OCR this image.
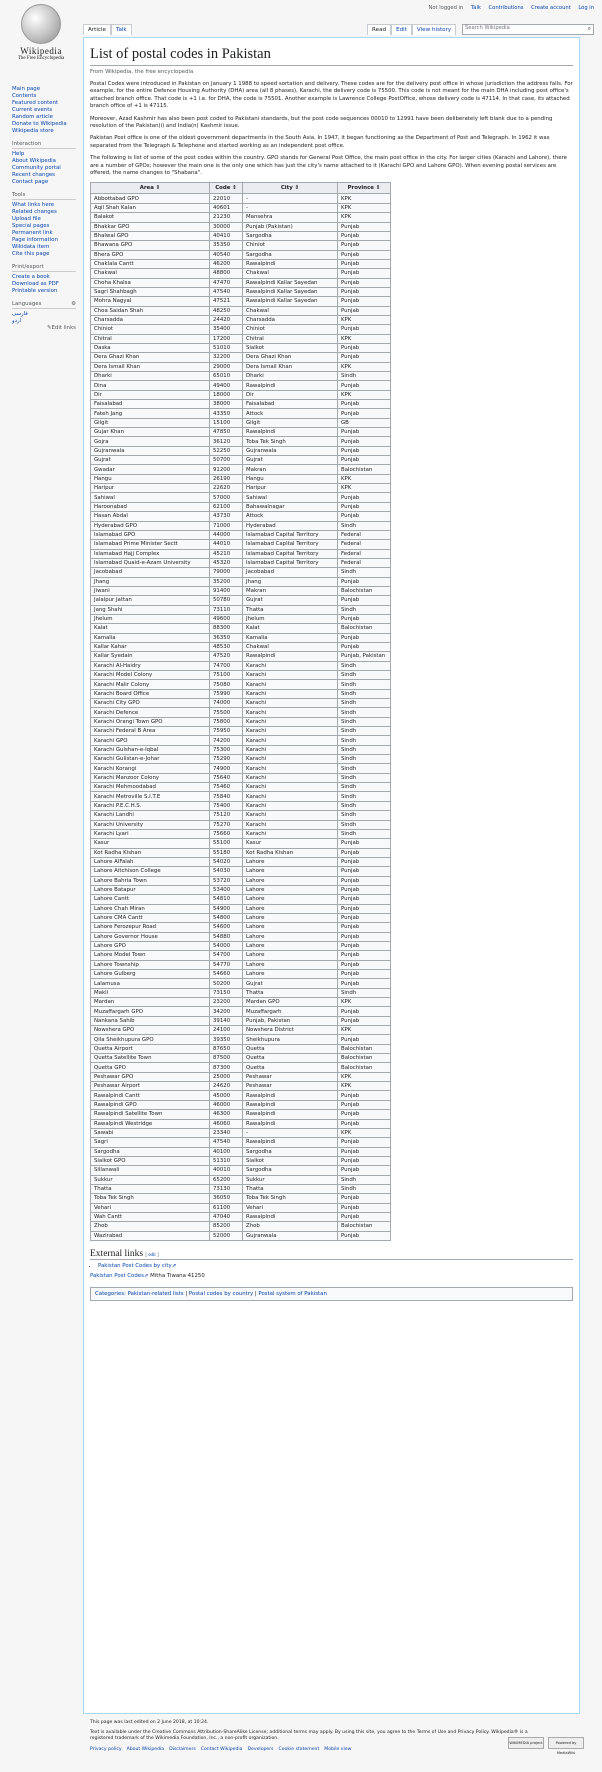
Wikipedia
The Free Encyclopedia
Not logged in Talk Contributions Create account Log in
Main page
Contents
Featured content
Current events
Random article
Donate to Wikipedia
Wikipedia store
Interaction
Help
About Wikipedia
Community portal
Recent changes
Contact page
Tools
What links here
Related changes
Upload file
Special pages
Permanent link
Page information
Wikidata item
Cite this page
Print/export
Create a book
Download as PDF
Printable version
Languages	⚙
فارسی
اردو
✎Edit links
Article Talk	Read Edit View history	Search Wikipedia	⌕
List of postal codes in Pakistan
From Wikipedia, the free encyclopedia

Postal Codes were introduced in Pakistan on January 1 1988 to speed sortation and delivery. These codes are for the delivery post office in whose jurisdiction the address falls. For example, for the entire Defence Housing Authority (DHA) area (all 8 phases), Karachi, the delivery code is 75500. This code is not meant for the main DHA including post office's attached branch office. That code is +1 i.e. for DHA, the code is 75501. Another example is Lawrence College PostOffice, whose delivery code is 47114. In that case, its attached branch office of +1 is 47115.

Moreover, Azad Kashmir has also been post coded to Pakistani standards, but the post code sequences 00010 to 12991 have been deliberately left blank due to a pending resolution of the Pakistan(i) and India(n) Kashmir issue.

Pakistan Post office is one of the oldest government departments in the South Asia. In 1947, it began functioning as the Department of Post and Telegraph. In 1962 it was separated from the Telegraph & Telephone and started working as an independent post office.

The following is list of some of the post codes within the country. GPO stands for General Post Office, the main post office in the city. For larger cities (Karachi and Lahore), there are a number of GPOs; however the main one is the only one which has just the city's name attached to it (Karachi GPO and Lahore GPO). When evening postal services are offered, the name changes to "Shabana".

Area ⇕	Code ⇕	City ⇕	Province ⇕
Abbottabad GPO	22010	-	KPK
Aqil Shah Kalan	40601	-	KPK
Balakot	21230	Mansehra	KPK
Bhakkar GPO	30000	Punjab (Pakistan)	Punjab
Bhalwal GPO	40410	Sargodha	Punjab
Bhawana GPO	35350	Chiniot	Punjab
Bhera GPO	40540	Sargodha	Punjab
Chaklala Cantt	46200	Rawalpindi	Punjab
Chakwal	48800	Chakwal	Punjab
Choha Khalsa	47470	Rawalpindi Kallar Sayedan	Punjab
Sagri Shahbagh	47540	Rawalpindi Kallar Sayedan	Punjab
Mohra Nagyal	47521	Rawalpindi Kallar Sayedan	Punjab
Choa Saidan Shah	48250	Chakwal	Punjab
Charsadda	24420	Charsadda	KPK
Chiniot	35400	Chiniot	Punjab
Chitral	17200	Chitral	KPK
Daska	51010	Sialkot	Punjab
Dera Ghazi Khan	32200	Dera Ghazi Khan	Punjab
Dera Ismail Khan	29000	Dera Ismail Khan	KPK
Dharki	65010	Dharki	Sindh
Dina	49400	Rawalpindi	Punjab
Dir	18000	Dir	KPK
Faisalabad	38000	Faisalabad	Punjab
Fateh Jang	43350	Attock	Punjab
Gilgit	15100	Gilgit	GB
Gujar Khan	47850	Rawalpindi	Punjab
Gojra	36120	Toba Tek Singh	Punjab
Gujranwala	52250	Gujranwala	Punjab
Gujrat	50700	Gujrat	Punjab
Gwadar	91200	Makran	Balochistan
Hangu	26190	Hangu	KPK
Haripur	22620	Haripur	KPK
Sahiwal	57000	Sahiwal	Punjab
Haroonabad	62100	Bahawalnagar	Punjab
Hasan Abdal	43730	Attock	Punjab
Hyderabad GPO	71000	Hyderabad	Sindh
Islamabad GPO	44000	Islamabad Capital Territory	Federal
Islamabad Prime Minister Sectt	44010	Islamabad Capital Territory	Federal
Islamabad Hajj Complex	45210	Islamabad Capital Territory	Federal
Islamabad Quaid-e-Azam University	45320	Islamabad Capital Territory	Federal
Jacobabad	79000	Jacobabad	Sindh
Jhang	35200	Jhang	Punjab
Jiwani	91400	Makran	Balochistan
Jalalpur Jattan	50780	Gujrat	Punjab
Jang Shahi	73110	Thatta	Sindh
Jhelum	49600	Jhelum	Punjab
Kalat	88300	Kalat	Balochistan
Kamalia	36350	Kamalia	Punjab
Kallar Kahar	48530	Chakwal	Punjab
Kallar Syedain	47520	Rawalpindi	Punjab, Pakistan
Karachi Al-Haidry	74700	Karachi	Sindh
Karachi Model Colony	75100	Karachi	Sindh
Karachi Malir Colony	75080	Karachi	Sindh
Karachi Board Office	75990	Karachi	Sindh
Karachi City GPO	74000	Karachi	Sindh
Karachi Defence	75500	Karachi	Sindh
Karachi Orangi Town GPO	75800	Karachi	Sindh
Karachi Federal B Area	75950	Karachi	Sindh
Karachi GPO	74200	Karachi	Sindh
Karachi Gulshan-e-Iqbal	75300	Karachi	Sindh
Karachi Gulistan-e-Johar	75290	Karachi	Sindh
Karachi Korangi	74900	Karachi	Sindh
Karachi Manzoor Colony	75640	Karachi	Sindh
Karachi Mehmoodabad	75460	Karachi	Sindh
Karachi Metroville S.I.T.E	75840	Karachi	Sindh
Karachi P.E.C.H.S.	75400	Karachi	Sindh
Karachi Landhi	75120	Karachi	Sindh
Karachi University	75270	Karachi	Sindh
Karachi Lyari	75660	Karachi	Sindh
Kasur	55100	Kasur	Punjab
Kot Radha Kishan	55180	Kot Radha Kishan	Punjab
Lahore AlFalah	54020	Lahore	Punjab
Lahore Aitchison College	54030	Lahore	Punjab
Lahore Bahria Town	53720	Lahore	Punjab
Lahore Batapur	53400	Lahore	Punjab
Lahore Cantt	54810	Lahore	Punjab
Lahore Chah Miran	54900	Lahore	Punjab
Lahore CMA Cantt	54800	Lahore	Punjab
Lahore Ferozepur Road	54600	Lahore	Punjab
Lahore Governor House	54880	Lahore	Punjab
Lahore GPO	54000	Lahore	Punjab
Lahore Model Town	54700	Lahore	Punjab
Lahore Township	54770	Lahore	Punjab
Lahore Gulberg	54660	Lahore	Punjab
Lalamusa	50200	Gujrat	Punjab
Makli	73150	Thatta	Sindh
Mardan	23200	Mardan GPO	KPK
Muzaffargarh GPO	34200	Muzaffargarh	Punjab
Nankana Sahib	39140	Punjab, Pakistan	Punjab
Nowshera GPO	24100	Nowshera District	KPK
Qila Sheikhupura GPO	39350	Sheikhupura	Punjab
Quetta Airport	87650	Quetta	Balochistan
Quetta Satellite Town	87500	Quetta	Balochistan
Quetta GPO	87300	Quetta	Balochistan
Peshawar GPO	25000	Peshawar	KPK
Peshawar Airport	24620	Peshawar	KPK
Rawalpindi Cantt	45000	Rawalpindi	Punjab
Rawalpindi GPO	46000	Rawalpindi	Punjab
Rawalpindi Satellite Town	46300	Rawalpindi	Punjab
Rawalpindi Westridge	46060	Rawalpindi	Punjab
Sawabi	23340	-	KPK
Sagri	47540	Rawalpindi	Punjab
Sargodha	40100	Sargodha	Punjab
Sialkot GPO	51310	Sialkot	Punjab
Sillanwali	40010	Sargodha	Punjab
Sukkur	65200	Sukkur	Sindh
Thatta	73130	Thatta	Sindh
Toba Tek Singh	36050	Toba Tek Singh	Punjab
Vehari	61100	Vehari	Punjab
Wah Cantt	47040	Rawalpindi	Punjab
Zhob	85200	Zhob	Balochistan
Wazirabad	52000	Gujranwala	Punjab
External links [ edit ]
• Pakistan Post Codes by city⇗
Pakistan Post Codes⇗ Mitha Tiwana 41250
Categories: Pakistan-related lists | Postal codes by country | Postal system of Pakistan
This page was last edited on 2 June 2018, at 10:24.
Text is available under the Creative Commons Attribution-ShareAlike License; additional terms may apply. By using this site, you agree to the Terms of Use and Privacy Policy. Wikipedia® is a registered trademark of the Wikimedia Foundation, Inc., a non-profit organization.
Privacy policy About Wikipedia Disclaimers Contact Wikipedia Developers Cookie statement Mobile view
WIKIMEDIA project	Powered by MediaWiki
